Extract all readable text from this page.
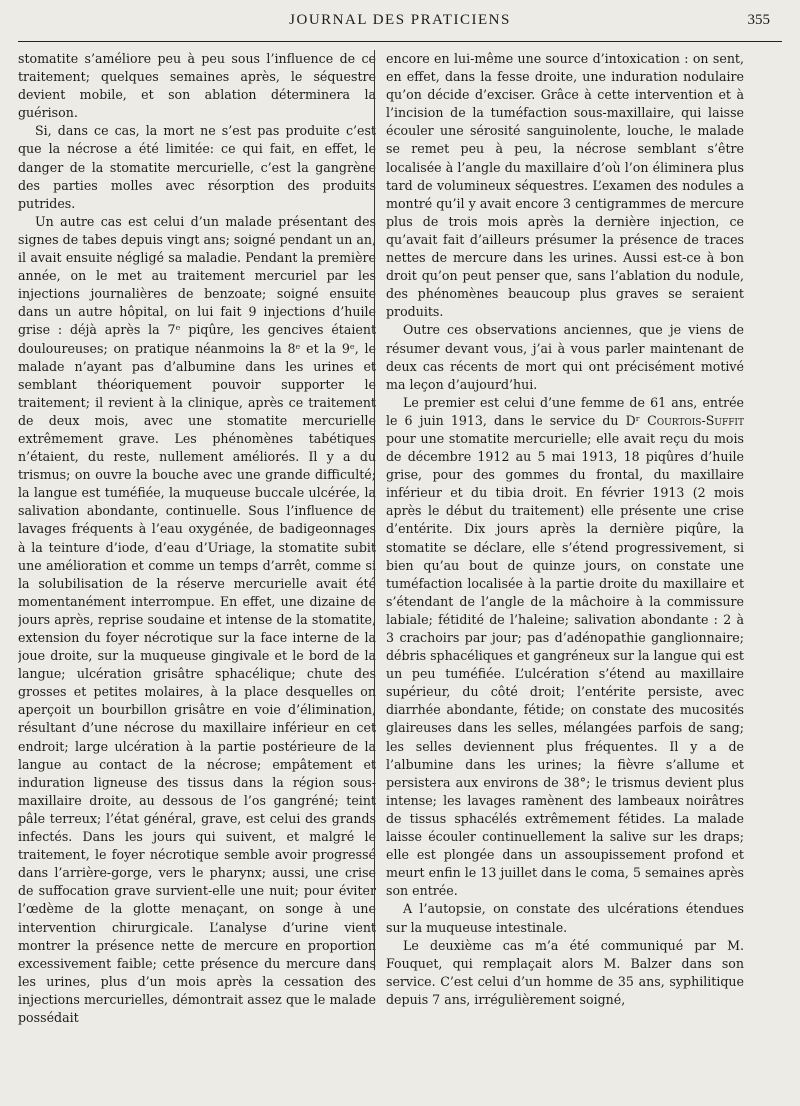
JOURNAL DES PRATICIENS	355

stomatite s’améliore peu à peu sous l’influence de ce traitement; quelques semaines après, le séquestre devient mobile, et son ablation déterminera la guérison.

Si, dans ce cas, la mort ne s’est pas produite c’est que la nécrose a été limitée: ce qui fait, en effet, le danger de la stomatite mercurielle, c’est la gangrène des parties molles avec résorption des produits putrides.

Un autre cas est celui d’un malade présentant des signes de tabes depuis vingt ans; soigné pendant un an, il avait ensuite négligé sa maladie. Pendant la première année, on le met au traitement mercuriel par les injections journalières de benzoate; soigné ensuite dans un autre hôpital, on lui fait 9 injections d’huile grise : déjà après la 7ᵉ piqûre, les gencives étaient douloureuses; on pratique néanmoins la 8ᵉ et la 9ᵉ, le malade n’ayant pas d’albumine dans les urines et semblant théoriquement pouvoir supporter le traitement; il revient à la clinique, après ce traitement de deux mois, avec une stomatite mercurielle extrêmement grave. Les phénomènes tabétiques n’étaient, du reste, nullement améliorés. Il y a du trismus; on ouvre la bouche avec une grande difficulté; la langue est tuméfiée, la muqueuse buccale ulcérée, la salivation abondante, continuelle. Sous l’influence de lavages fréquents à l’eau oxygénée, de badigeonnages à la teinture d’iode, d’eau d’Uriage, la stomatite subit une amélioration et comme un temps d’arrêt, comme si la solubilisation de la réserve mercurielle avait été momentanément interrompue. En effet, une dizaine de jours après, reprise soudaine et intense de la stomatite, extension du foyer nécrotique sur la face interne de la joue droite, sur la muqueuse gingivale et le bord de la langue; ulcération grisâtre sphacélique; chute des grosses et petites molaires, à la place desquelles on aperçoit un bourbillon grisâtre en voie d’élimination, résultant d’une nécrose du maxillaire inférieur en cet endroit; large ulcération à la partie postérieure de la langue au contact de la nécrose; empâtement et induration ligneuse des tissus dans la région sous-maxillaire droite, au dessous de l’os gangréné; teint pâle terreux; l’état général, grave, est celui des grands infectés. Dans les jours qui suivent, et malgré le traitement, le foyer nécrotique semble avoir progressé dans l’arrière-gorge, vers le pharynx; aussi, une crise de suffocation grave survient-elle une nuit; pour éviter l’œdème de la glotte menaçant, on songe à une intervention chirurgicale. L’analyse d’urine vient montrer la présence nette de mercure en proportion excessivement faible; cette présence du mercure dans les urines, plus d’un mois après la cessation des injections mercurielles, démontrait assez que le malade possédait

encore en lui-même une source d’intoxication : on sent, en effet, dans la fesse droite, une induration nodulaire qu’on décide d’exciser. Grâce à cette intervention et à l’incision de la tuméfaction sous-maxillaire, qui laisse écouler une sérosité sanguinolente, louche, le malade se remet peu à peu, la nécrose semblant s’être localisée à l’angle du maxillaire d’où l’on éliminera plus tard de volumineux séquestres. L’examen des nodules a montré qu’il y avait encore 3 centigrammes de mercure plus de trois mois après la dernière injection, ce qu’avait fait d’ailleurs présumer la présence de traces nettes de mercure dans les urines. Aussi est-ce à bon droit qu’on peut penser que, sans l’ablation du nodule, des phénomènes beaucoup plus graves se seraient produits.

Outre ces observations anciennes, que je viens de résumer devant vous, j’ai à vous parler maintenant de deux cas récents de mort qui ont précisément motivé ma leçon d’aujourd’hui.

Le premier est celui d’une femme de 61 ans, entrée le 6 juin 1913, dans le service du Dʳ Courtois-Suffit pour une stomatite mercurielle; elle avait reçu du mois de décembre 1912 au 5 mai 1913, 18 piqûres d’huile grise, pour des gommes du frontal, du maxillaire inférieur et du tibia droit. En février 1913 (2 mois après le début du traitement) elle présente une crise d’entérite. Dix jours après la dernière piqûre, la stomatite se déclare, elle s’étend progressivement, si bien qu’au bout de quinze jours, on constate une tuméfaction localisée à la partie droite du maxillaire et s’étendant de l’angle de la mâchoire à la commissure labiale; fétidité de l’haleine; salivation abondante : 2 à 3 crachoirs par jour; pas d’adénopathie ganglionnaire; débris sphacéliques et gangréneux sur la langue qui est un peu tuméfiée. L’ulcération s’étend au maxillaire supérieur, du côté droit; l’entérite persiste, avec diarrhée abondante, fétide; on constate des mucosités glaireuses dans les selles, mélangées parfois de sang; les selles deviennent plus fréquentes. Il y a de l’albumine dans les urines; la fièvre s’allume et persistera aux environs de 38°; le trismus devient plus intense; les lavages ramènent des lambeaux noirâtres de tissus sphacélés extrêmement fétides. La malade laisse écouler continuellement la salive sur les draps; elle est plongée dans un assoupissement profond et meurt enfin le 13 juillet dans le coma, 5 semaines après son entrée.

A l’autopsie, on constate des ulcérations étendues sur la muqueuse intestinale.

Le deuxième cas m’a été communiqué par M. Fouquet, qui remplaçait alors M. Balzer dans son service. C’est celui d’un homme de 35 ans, syphilitique depuis 7 ans, irrégulièrement soigné,
